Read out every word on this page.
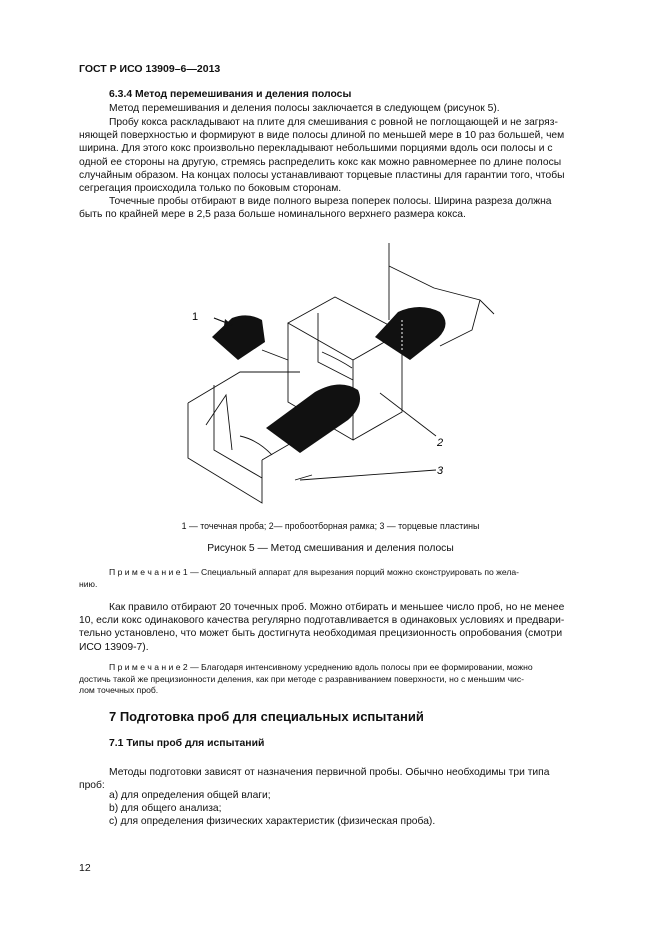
ГОСТ Р ИСО 13909–6—2013
6.3.4 Метод перемешивания и деления полосы
Метод перемешивания и деления полосы заключается в следующем (рисунок 5).
Пробу кокса раскладывают на плите для смешивания с ровной не поглощающей и не загряз-
няющей поверхностью и формируют в виде полосы длиной по меньшей мере в 10 раз большей, чем
ширина. Для этого кокс произвольно перекладывают небольшими порциями вдоль оси полосы и с
одной ее стороны на другую, стремясь распределить кокс как можно равномернее по длине полосы
случайным образом. На концах полосы устанавливают торцевые пластины для гарантии того, чтобы
сегрегация происходила только по боковым сторонам.
Точечные пробы отбирают в виде полного выреза поперек полосы. Ширина разреза должна
быть по крайней мере в 2,5 раза больше номинального верхнего размера кокса.
1
2
3
1 — точечная проба; 2— пробоотборная рамка; 3 — торцевые пластины
Рисунок 5 — Метод смешивания и деления полосы
П р и м е ч а н и е 1 — Специальный аппарат для вырезания порций можно сконструировать по жела-
нию.
Как правило отбирают 20 точечных проб. Можно отбирать и меньшее число проб, но не менее
10, если кокс одинакового качества регулярно подготавливается в одинаковых условиях и предвари-
тельно установлено, что может быть достигнута необходимая прецизионность опробования (смотри
ИСО 13909-7).
П р и м е ч а н и е 2 — Благодаря интенсивному усреднению вдоль полосы при ее формировании, можно
достичь такой же прецизионности деления, как при методе с разравниванием поверхности, но с меньшим чис-
лом точечных проб.
7 Подготовка проб для специальных испытаний
7.1 Типы проб для испытаний
Методы подготовки зависят от назначения первичной пробы. Обычно необходимы три типа
проб:
a) для определения общей влаги;
b) для общего анализа;
c) для определения физических характеристик (физическая проба).
12
